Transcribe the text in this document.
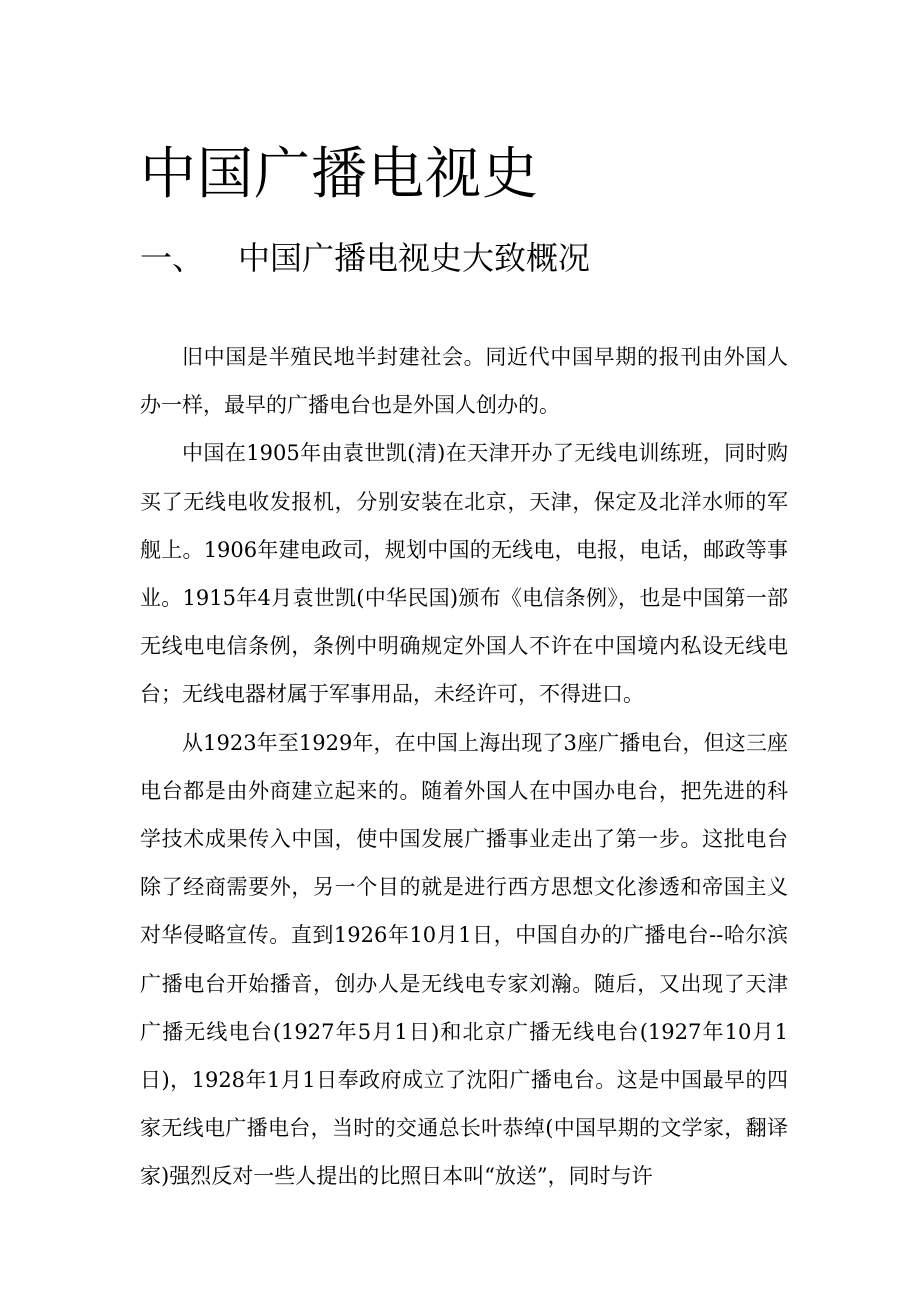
中国广播电视史
一、 中国广播电视史大致概况

旧中国是半殖民地半封建社会。同近代中国早期的报刊由外国人办一样，最早的广播电台也是外国人创办的。

中国在1905年由袁世凯(清)在天津开办了无线电训练班，同时购买了无线电收发报机，分别安装在北京，天津，保定及北洋水师的军舰上。1906年建电政司，规划中国的无线电，电报，电话，邮政等事业。1915年4月袁世凯(中华民国)颁布《电信条例》，也是中国第一部无线电电信条例，条例中明确规定外国人不许在中国境内私设无线电台；无线电器材属于军事用品，未经许可，不得进口。

从1923年至1929年，在中国上海出现了3座广播电台，但这三座电台都是由外商建立起来的。随着外国人在中国办电台，把先进的科学技术成果传入中国，使中国发展广播事业走出了第一步。这批电台除了经商需要外，另一个目的就是进行西方思想文化渗透和帝国主义对华侵略宣传。直到1926年10月1日，中国自办的广播电台--哈尔滨广播电台开始播音，创办人是无线电专家刘瀚。随后，又出现了天津广播无线电台(1927年5月1日)和北京广播无线电台(1927年10月1日)，1928年1月1日奉政府成立了沈阳广播电台。这是中国最早的四家无线电广播电台，当时的交通总长叶恭绰(中国早期的文学家，翻译家)强烈反对一些人提出的比照日本叫“放送”，同时与许
